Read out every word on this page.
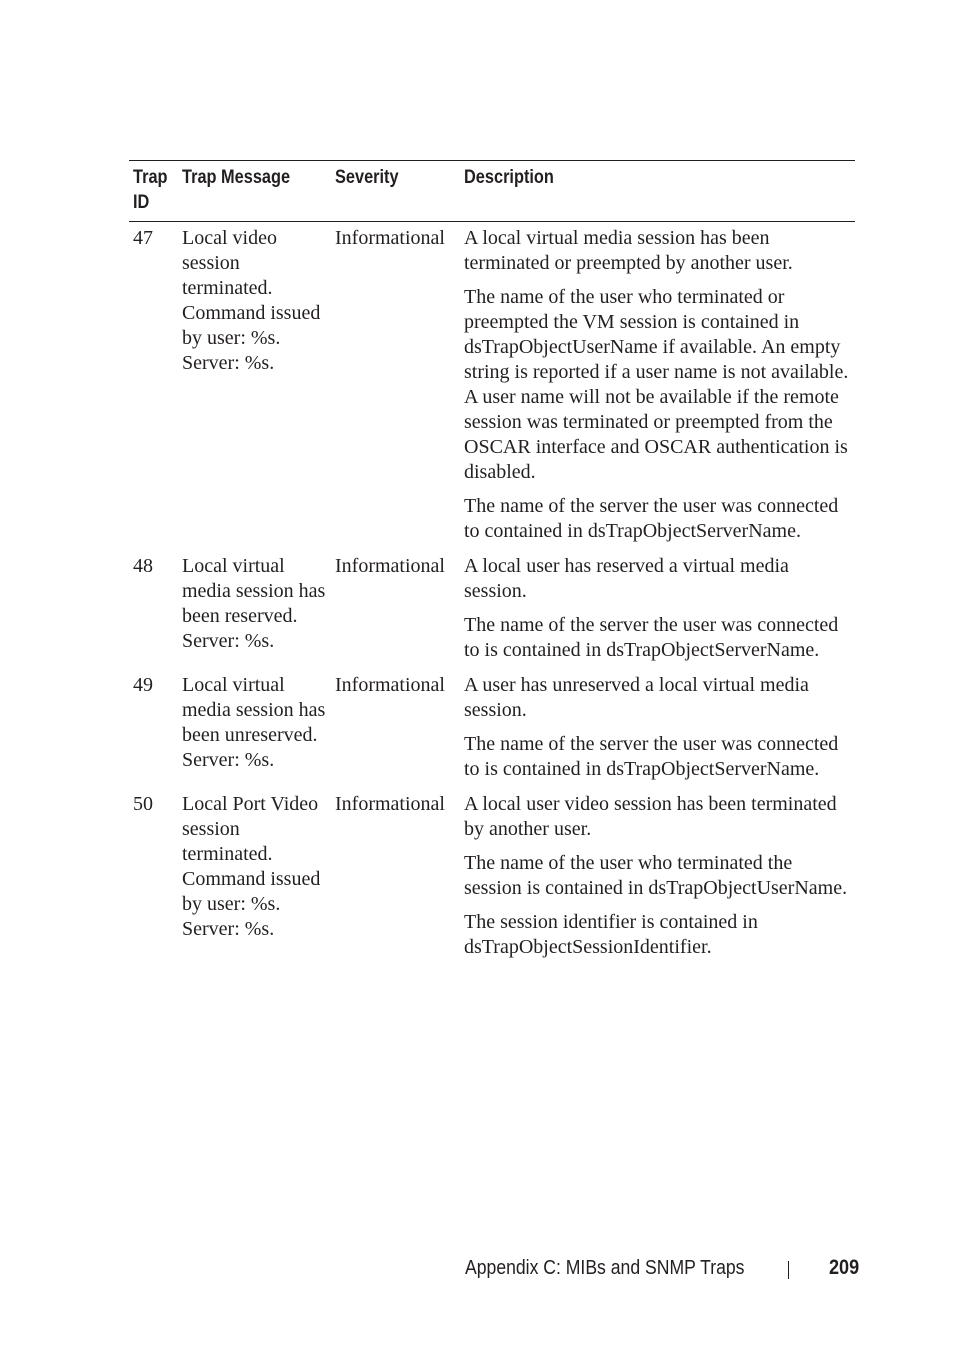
Trap ID	Trap Message	Severity	Description
47	Local video session terminated. Command issued by user: %s. Server: %s.	Informational	A local virtual media session has been terminated or preempted by another user.

The name of the user who terminated or preempted the VM session is contained in dsTrapObjectUserName if available. An empty string is reported if a user name is not available. A user name will not be available if the remote session was terminated or preempted from the OSCAR interface and OSCAR authentication is disabled.

The name of the server the user was connected to contained in dsTrapObjectServerName.

48	Local virtual media session has been reserved. Server: %s.	Informational	A local user has reserved a virtual media session.

The name of the server the user was connected to is contained in dsTrapObjectServerName.

49	Local virtual media session has been unreserved. Server: %s.	Informational	A user has unreserved a local virtual media session.

The name of the server the user was connected to is contained in dsTrapObjectServerName.

50	Local Port Video session terminated. Command issued by user: %s. Server: %s.	Informational	A local user video session has been terminated by another user.

The name of the user who terminated the session is contained in dsTrapObjectUserName.

The session identifier is contained in dsTrapObjectSessionIdentifier.

Appendix C: MIBs and SNMP Traps	209
